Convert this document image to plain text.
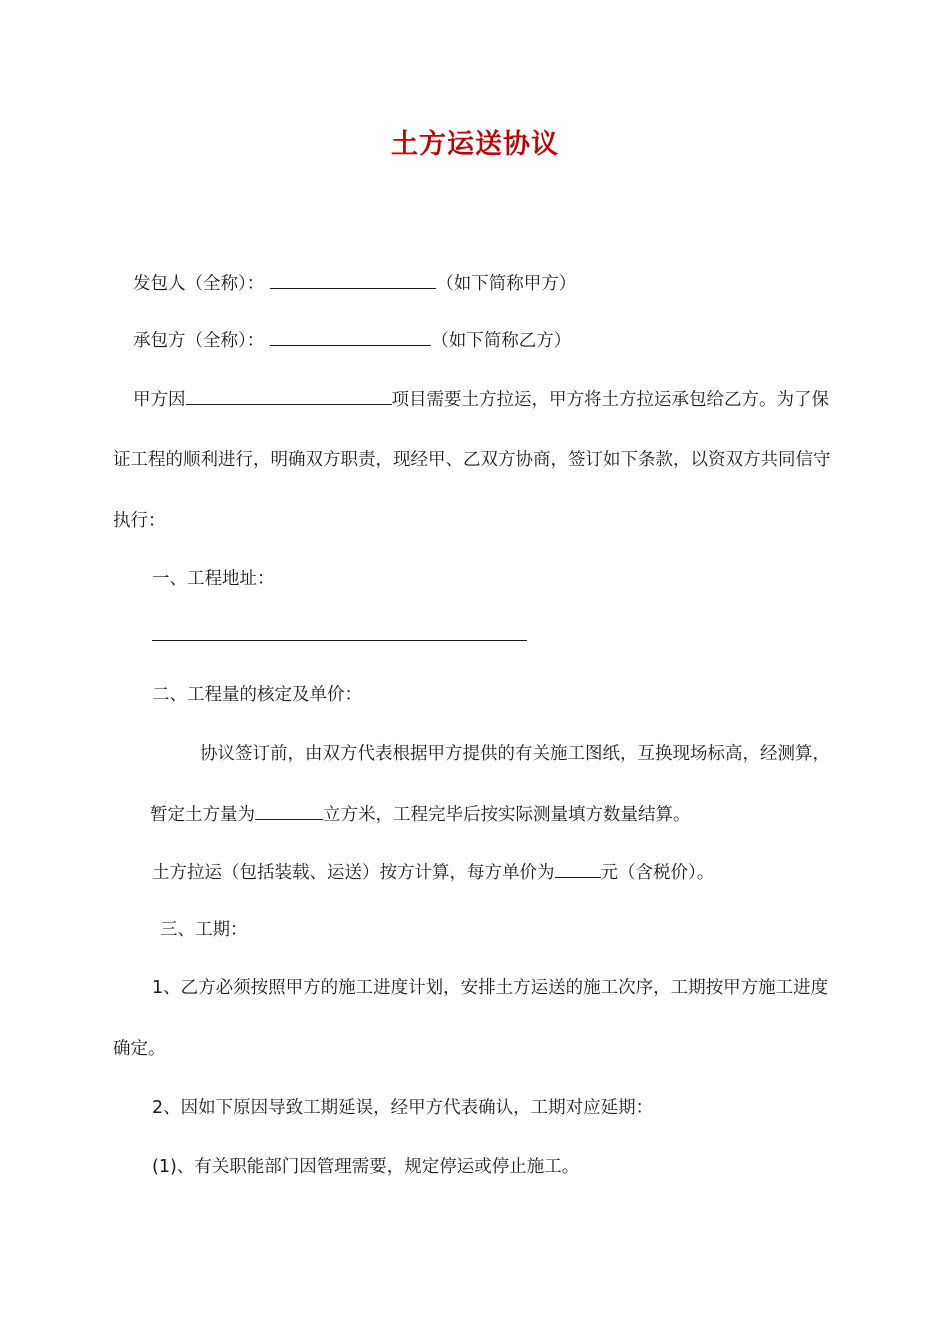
土方运送协议
发包人（全称）：	（如下简称甲方）
承包方（全称）：	（如下简称乙方）
甲方因	项目需要土方拉运，甲方将土方拉运承包给乙方。为了保
证工程的顺利进行，明确双方职责，现经甲、乙双方协商，签订如下条款，以资双方共同信守
执行：
一、工程地址：
二、工程量的核定及单价：
协议签订前，由双方代表根据甲方提供的有关施工图纸，互换现场标高，经测算，
暂定土方量为	立方米，工程完毕后按实际测量填方数量结算。
土方拉运（包括装载、运送）按方计算，每方单价为	元（含税价）。
三、工期：
1、乙方必须按照甲方的施工进度计划，安排土方运送的施工次序，工期按甲方施工进度
确定。
2、因如下原因导致工期延误，经甲方代表确认，工期对应延期：
(1)、有关职能部门因管理需要，规定停运或停止施工。
